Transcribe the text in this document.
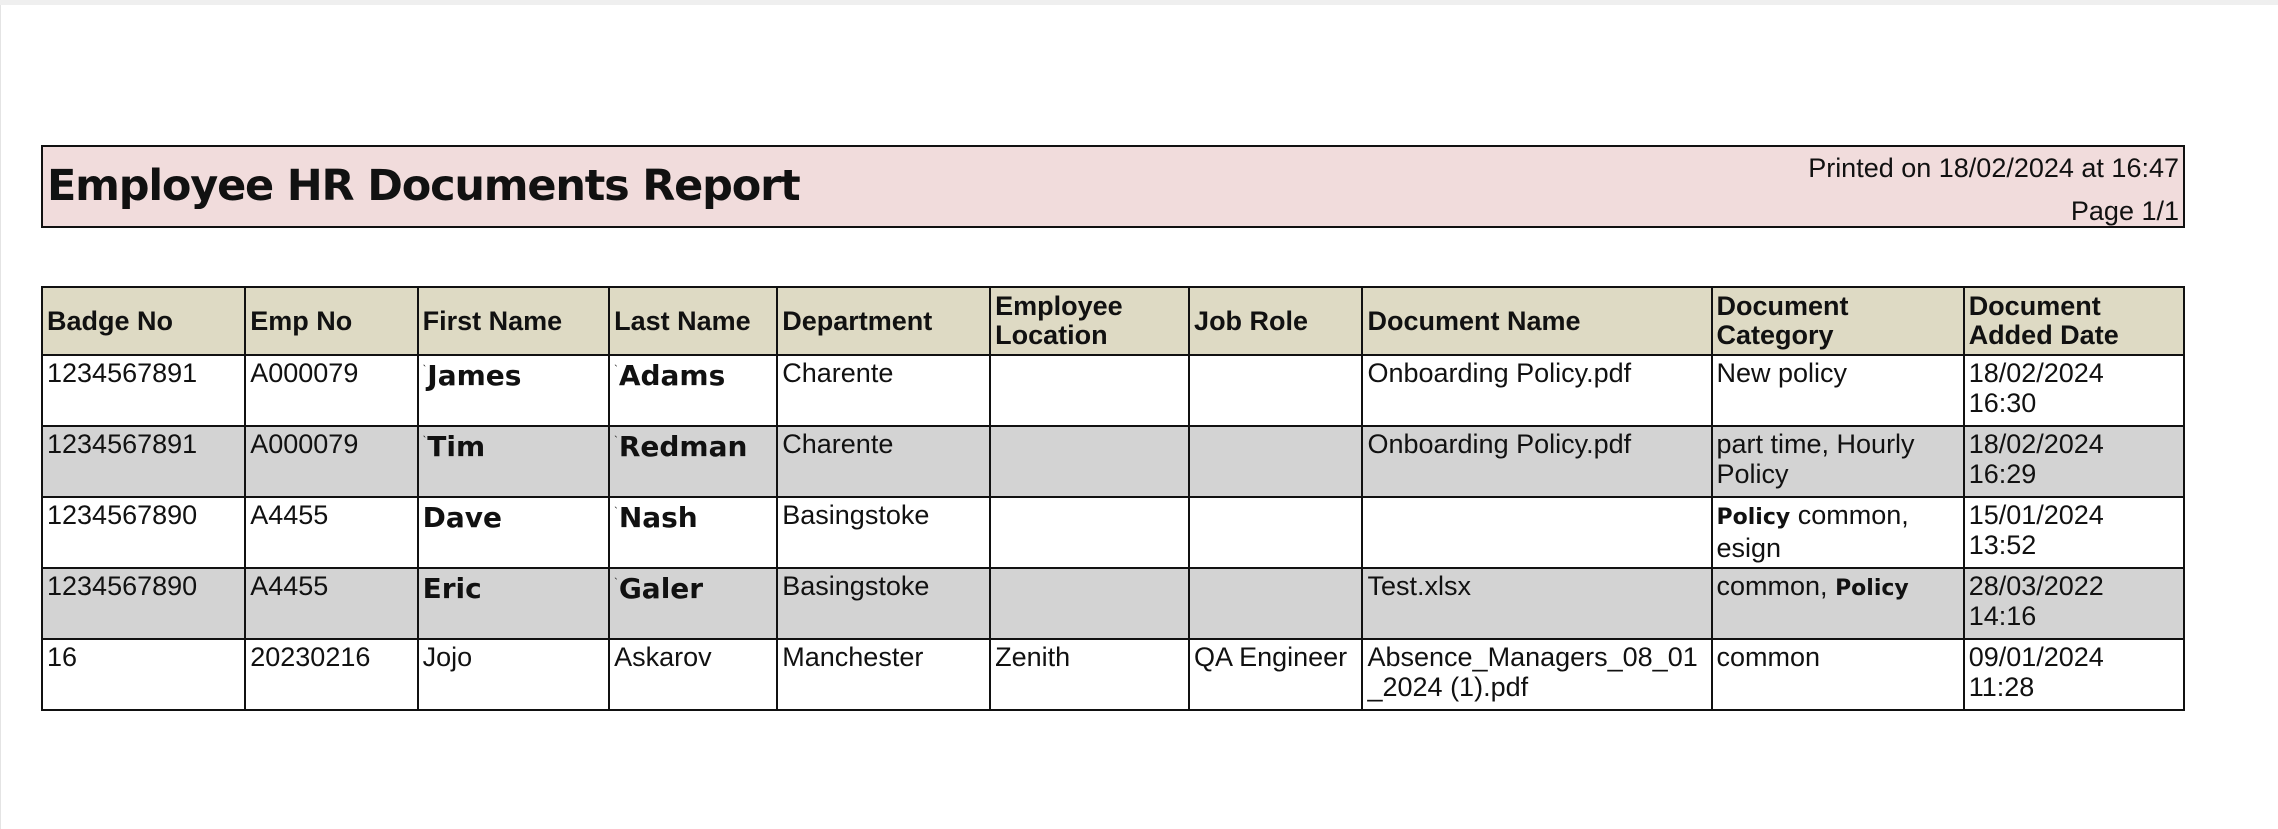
Employee HR Documents Report	Printed on 18/02/2024 at 16:47
Page 1/1
Badge No	Emp No	First Name	Last Name	Department	Employee Location	Job Role	Document Name	Document Category	Document Added Date
1234567891	A000079	`James	`Adams	Charente			Onboarding Policy.pdf	New policy	18/02/2024
16:30
1234567891	A000079	`Tim	`Redman	Charente			Onboarding Policy.pdf	part time, Hourly Policy	18/02/2024
16:29
1234567890	A4455	Dave	`Nash	Basingstoke				Policy common, esign	15/01/2024
13:52
1234567890	A4455	Eric	`Galer	Basingstoke			Test.xlsx	common, Policy	28/03/2022
14:16
16	20230216	Jojo	Askarov	Manchester	Zenith	QA Engineer	Absence_Managers_08_01_2024 (1).pdf	common	09/01/2024
11:28
